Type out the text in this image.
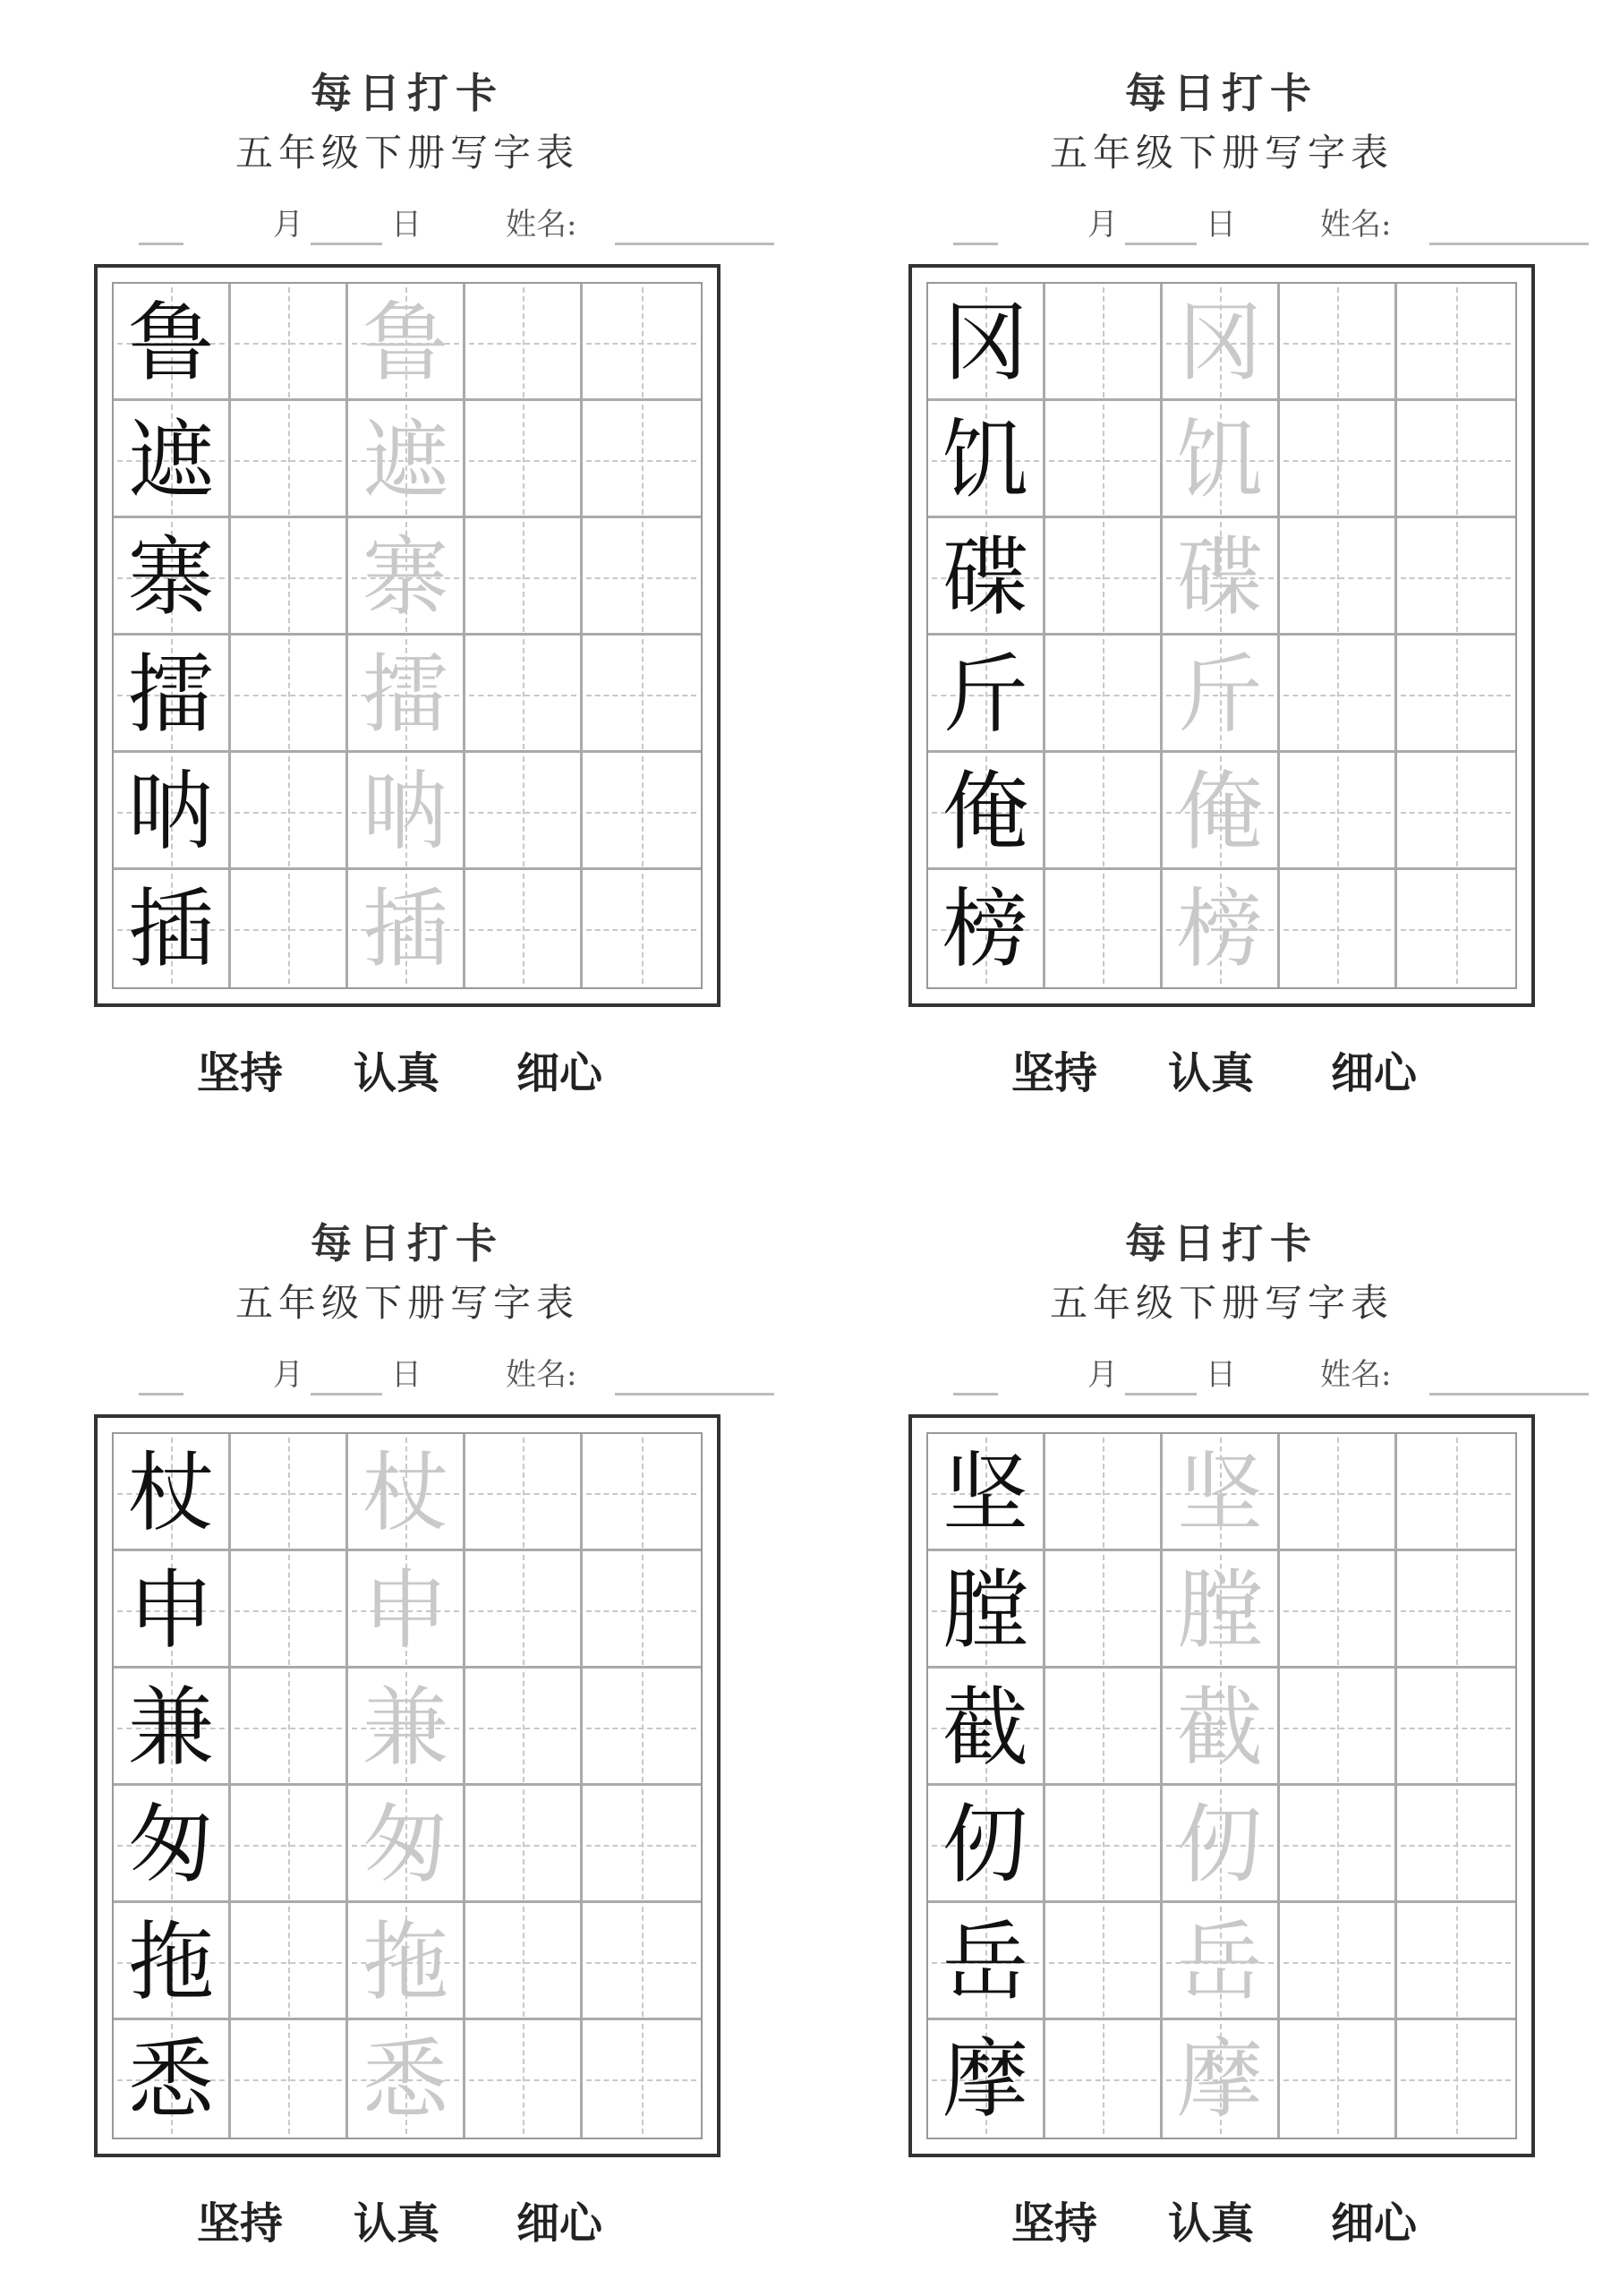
每日打卡
五年级下册写字表
月	日	姓名:
鲁 鲁
遮 遮
寨 寨
擂 擂
呐 呐
插 插
坚持 认真 细心
每日打卡
五年级下册写字表
月	日	姓名:
冈 冈
饥 饥
碟 碟
斤 斤
俺 俺
榜 榜
坚持 认真 细心
每日打卡
五年级下册写字表
月	日	姓名:
杖 杖
申 申
兼 兼
匆 匆
拖 拖
悉 悉
坚持 认真 细心
每日打卡
五年级下册写字表
月	日	姓名:
坚 坚
膛 膛
截 截
仞 仞
岳 岳
摩 摩
坚持 认真 细心
